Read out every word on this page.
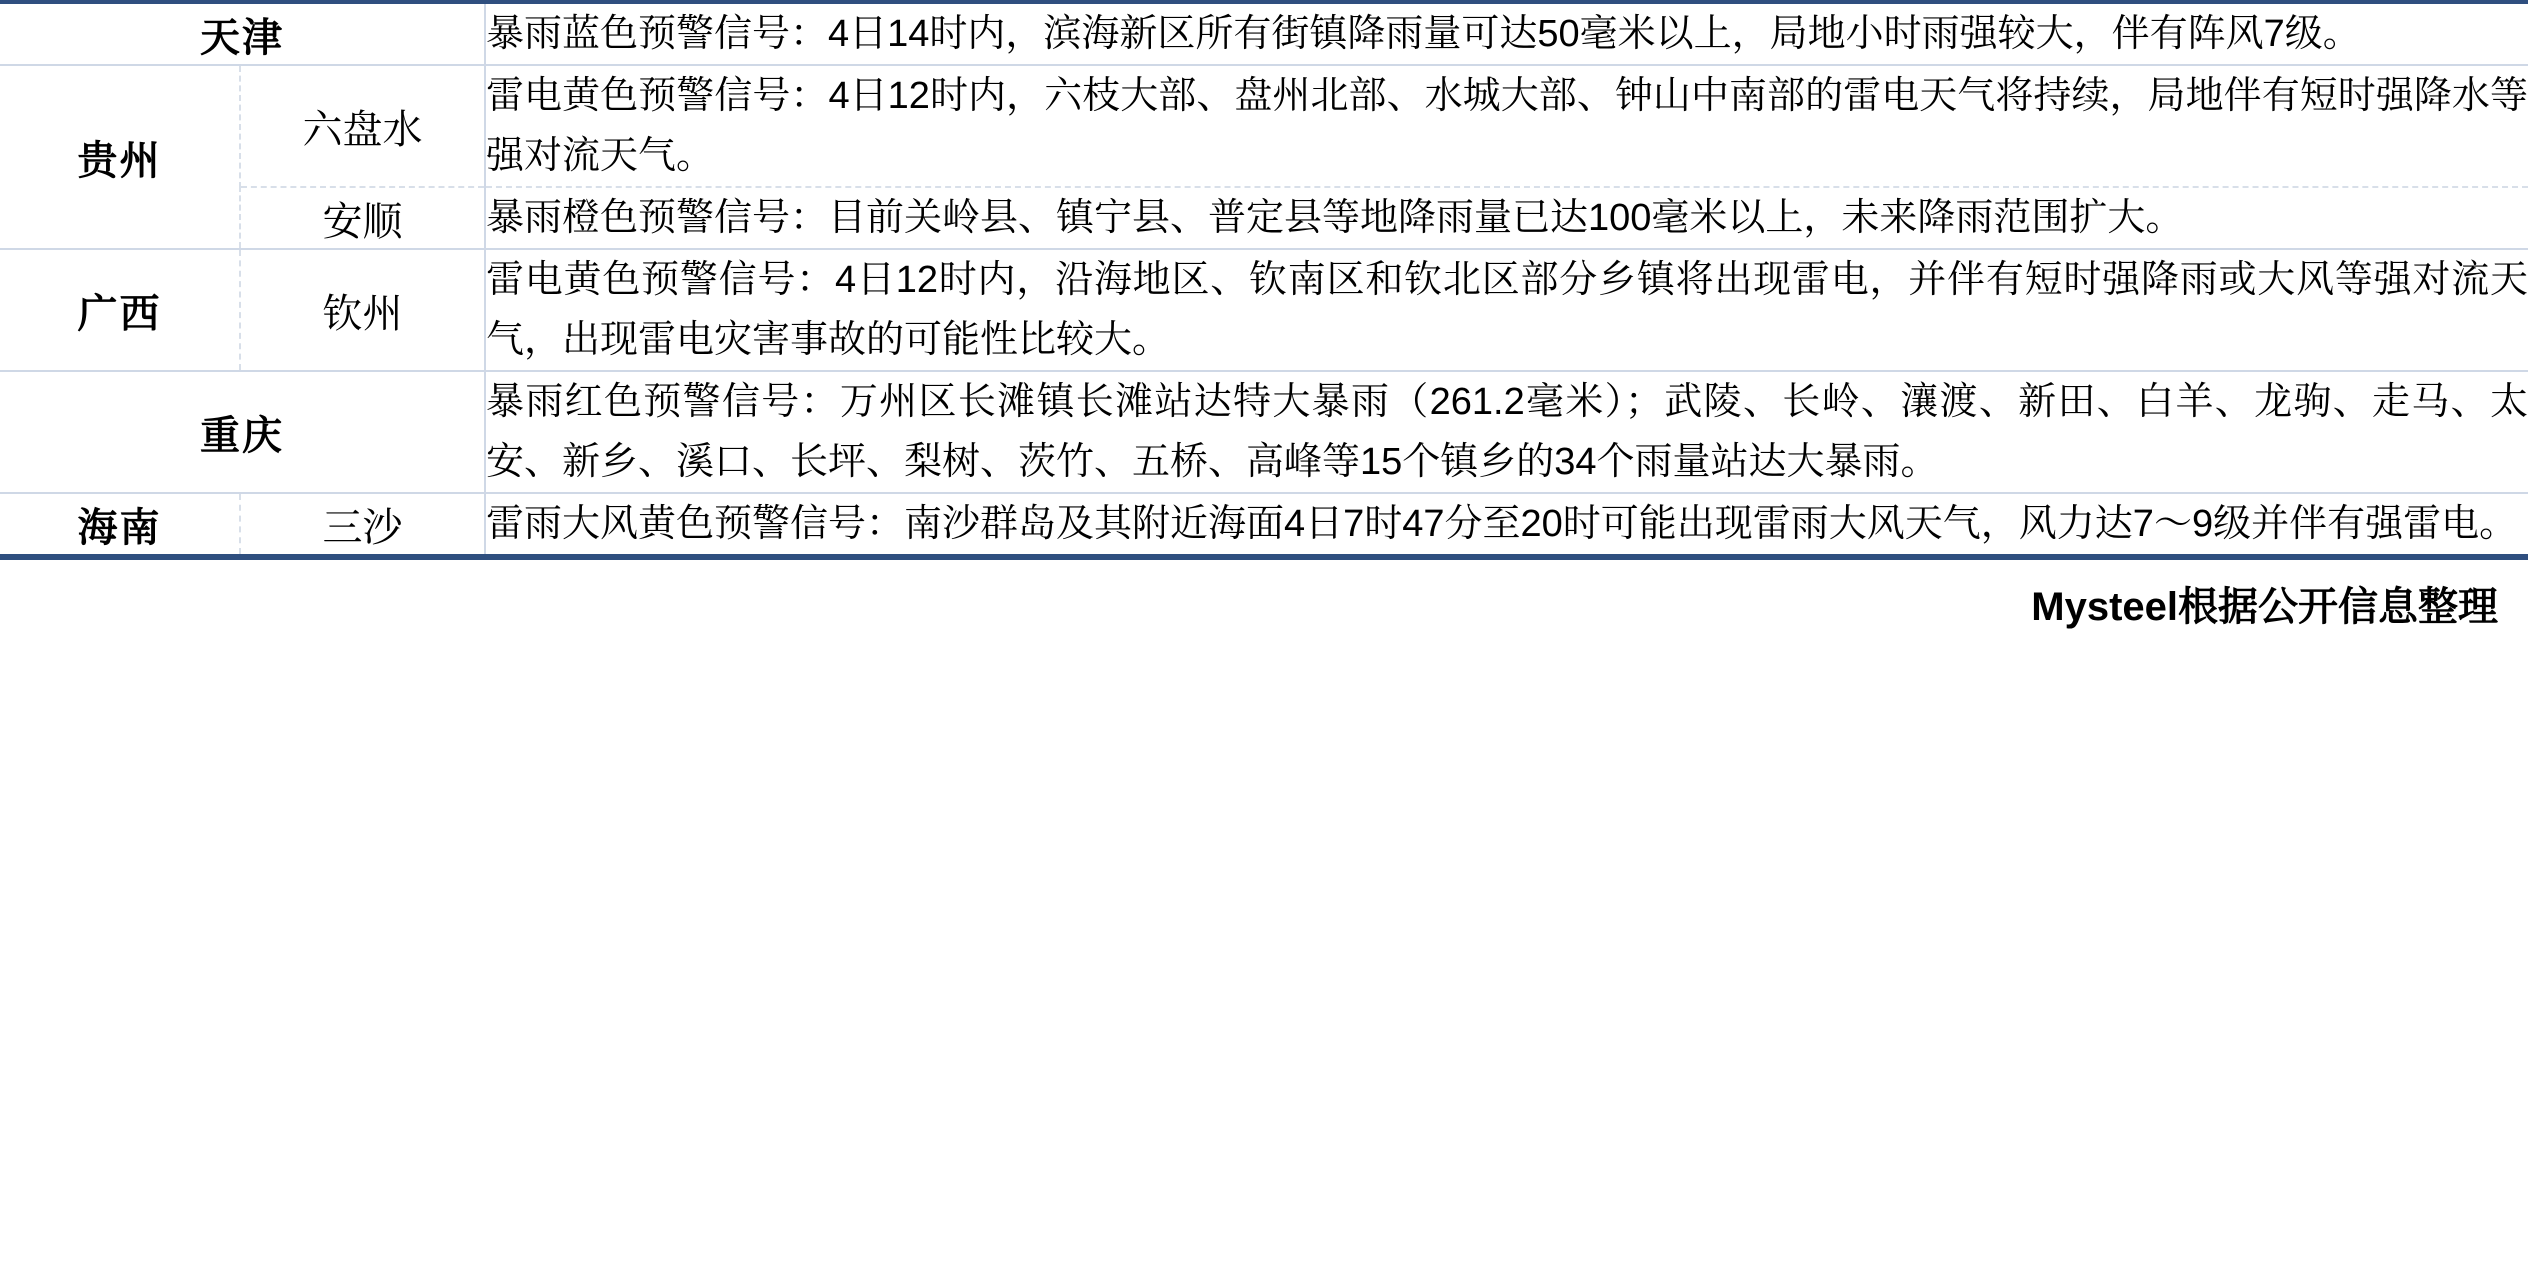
天津		暴雨蓝色预警信号：4日14时内，滨海新区所有街镇降雨量可达50毫米以上，局地小时雨强较大，伴有阵风7级。
贵州	六盘水	雷电黄色预警信号：4日12时内，六枝大部、盘州北部、水城大部、钟山中南部的雷电天气将持续，局地伴有短时强降水等强对流天气。
	安顺	暴雨橙色预警信号：目前关岭县、镇宁县、普定县等地降雨量已达100毫米以上，未来降雨范围扩大。
广西	钦州	雷电黄色预警信号：4日12时内，沿海地区、钦南区和钦北区部分乡镇将出现雷电，并伴有短时强降雨或大风等强对流天气，出现雷电灾害事故的可能性比较大。
重庆		暴雨红色预警信号：万州区长滩镇长滩站达特大暴雨（261.2毫米）；武陵、长岭、瀼渡、新田、白羊、龙驹、走马、太安、新乡、溪口、长坪、梨树、茨竹、五桥、高峰等15个镇乡的34个雨量站达大暴雨。
海南	三沙	雷雨大风黄色预警信号：南沙群岛及其附近海面4日7时47分至20时可能出现雷雨大风天气，风力达7～9级并伴有强雷电。
Mysteel根据公开信息整理
